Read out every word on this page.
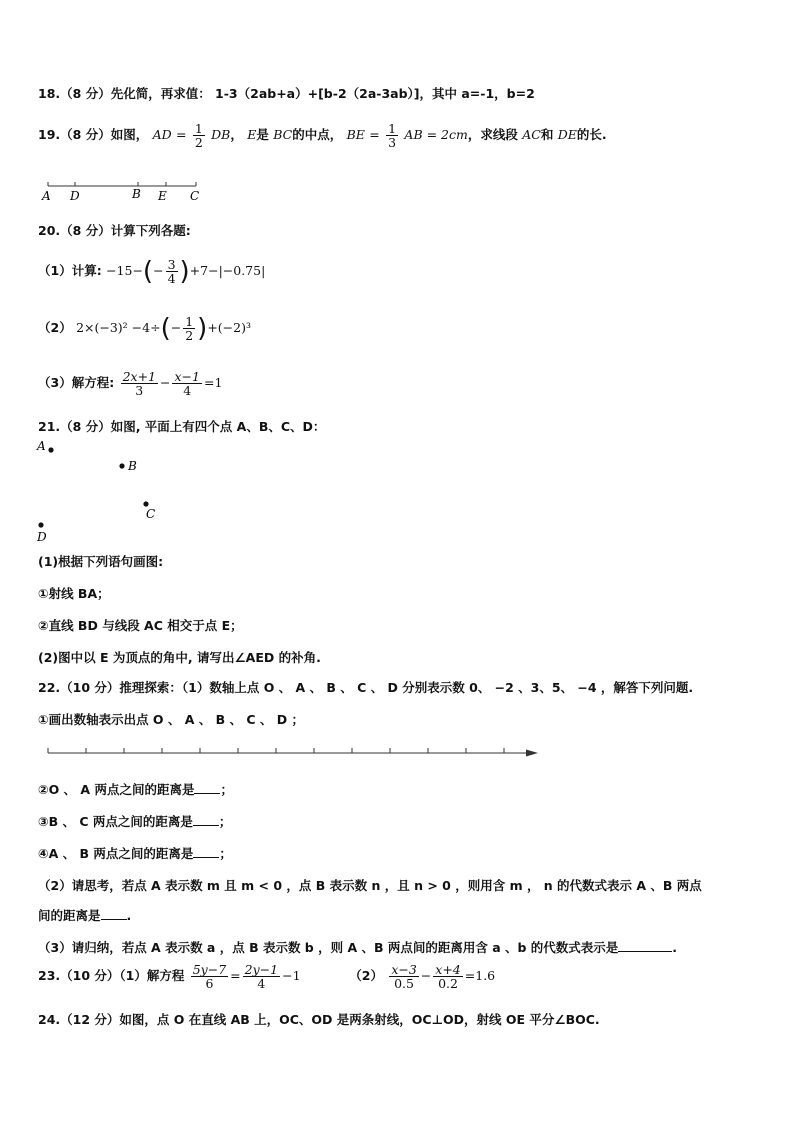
18.（8 分）先化简，再求值： 1-3（2ab+a）+[b-2（2a-3ab）]，其中 a=-1，b=2
19.（8 分）如图， AD = $\frac{1}{2}$ DB， E是 BC的中点， BE = $\frac{1}{3}$ AB = 2cm，求线段 AC和 DE的长.
A D	B E C
20.（8 分）计算下列各题:
（1）计算: $-15-(- \frac{3}{4} )+7-|-0.75|$
（2） $2\times(-3)^2 -4\div(- \frac{1}{2} )+(-2)^3$
（3）解方程: $\frac{2x+1}{3} - \frac{x-1}{4} =1$
21.（8 分）如图, 平面上有四个点 A、B、C、D：
A
B
C
D
(1)根据下列语句画图:
①射线 BA；
②直线 BD 与线段 AC 相交于点 E；
(2)图中以 E 为顶点的角中, 请写出∠AED 的补角.
22.（10 分）推理探索：（1）数轴上点 O 、 A 、 B 、 C 、 D 分别表示数 0、 −2 、3、5、 −4 ，解答下列问题.
①画出数轴表示出点 O 、 A 、 B 、 C 、 D ；
②O 、 A 两点之间的距离是 ；
③B 、 C 两点之间的距离是 ；
④A 、 B 两点之间的距离是 ；
（2）请思考，若点 A 表示数 m 且 m < 0 ，点 B 表示数 n ，且 n > 0 ，则用含 m ， n 的代数式表示 A 、B 两点
间的距离是 .
（3）请归纳，若点 A 表示数 a ，点 B 表示数 b ，则 A 、B 两点间的距离用含 a 、b 的代数式表示是	.
23.（10 分）（1）解方程 $\frac{5y-7}{6} = \frac{2y-1}{4} -1$	$(2) \frac{x-3}{0.5} - \frac{x+4}{0.2} =1.6$
24.（12 分）如图，点 O 在直线 AB 上，OC、OD 是两条射线，OC⊥OD，射线 OE 平分∠BOC.
